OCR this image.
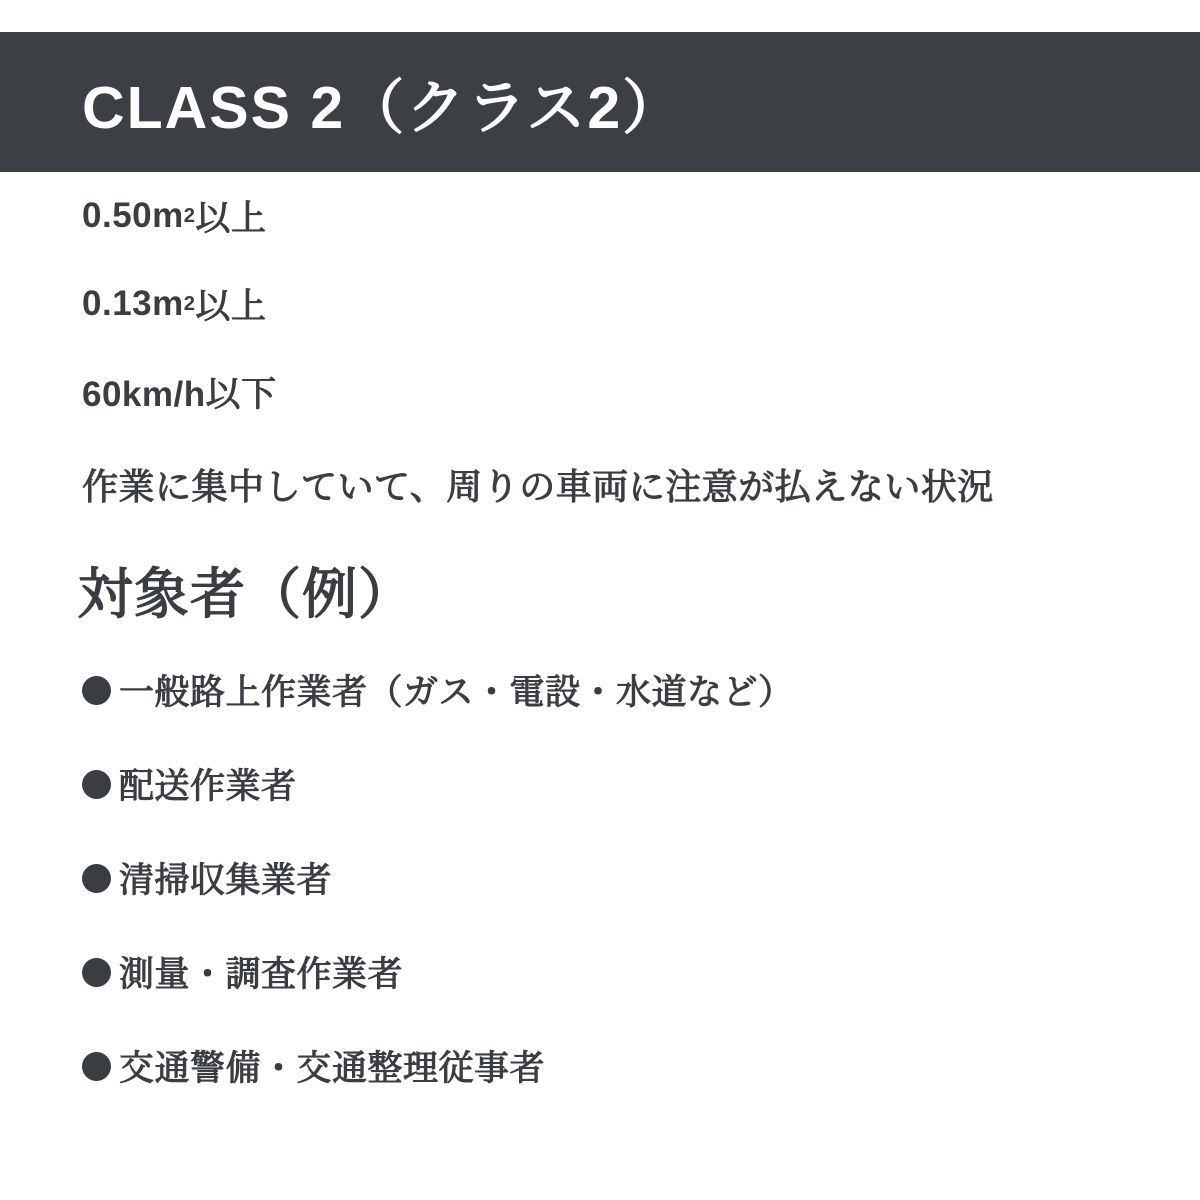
CLASS 2（クラス2）
0.50 m 2 以上
0.13 m 2 以上
60km/h以下
作業に集中していて、周りの車両に注意が払えない状況
対象者（例）
一般路上作業者（ガス・電設・水道など）
配送作業者
清掃収集業者
測量・調査作業者
交通警備・交通整理従事者
